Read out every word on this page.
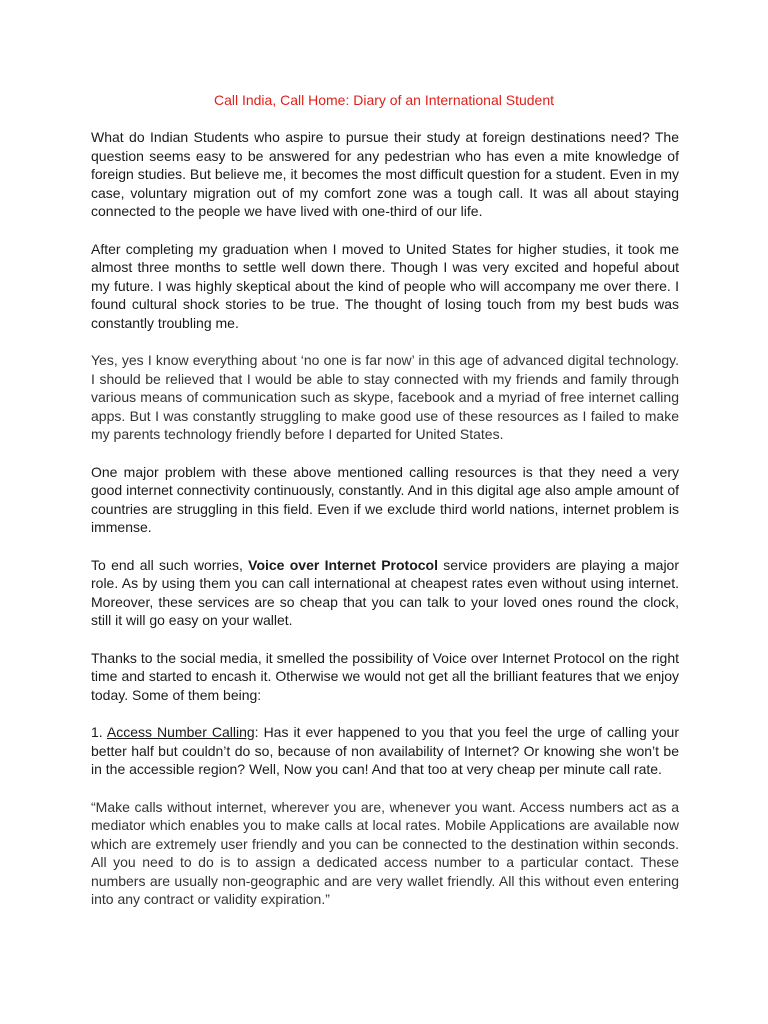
Call India, Call Home: Diary of an International Student

What do Indian Students who aspire to pursue their study at foreign destinations need? The question seems easy to be answered for any pedestrian who has even a mite knowledge of foreign studies. But believe me, it becomes the most difficult question for a student. Even in my case, voluntary migration out of my comfort zone was a tough call. It was all about staying connected to the people we have lived with one-third of our life.

After completing my graduation when I moved to United States for higher studies, it took me almost three months to settle well down there. Though I was very excited and hopeful about my future. I was highly skeptical about the kind of people who will accompany me over there. I found cultural shock stories to be true. The thought of losing touch from my best buds was constantly troubling me.

Yes, yes I know everything about ‘no one is far now’ in this age of advanced digital technology. I should be relieved that I would be able to stay connected with my friends and family through various means of communication such as skype, facebook and a myriad of free internet calling apps. But I was constantly struggling to make good use of these resources as I failed to make my parents technology friendly before I departed for United States.

One major problem with these above mentioned calling resources is that they need a very good internet connectivity continuously, constantly. And in this digital age also ample amount of countries are struggling in this field. Even if we exclude third world nations, internet problem is immense.

To end all such worries, Voice over Internet Protocol service providers are playing a major role. As by using them you can call international at cheapest rates even without using internet. Moreover, these services are so cheap that you can talk to your loved ones round the clock, still it will go easy on your wallet.

Thanks to the social media, it smelled the possibility of Voice over Internet Protocol on the right time and started to encash it. Otherwise we would not get all the brilliant features that we enjoy today. Some of them being:

1. Access Number Calling: Has it ever happened to you that you feel the urge of calling your better half but couldn’t do so, because of non availability of Internet? Or knowing she won’t be in the accessible region? Well, Now you can! And that too at very cheap per minute call rate.

“Make calls without internet, wherever you are, whenever you want. Access numbers act as a mediator which enables you to make calls at local rates. Mobile Applications are available now which are extremely user friendly and you can be connected to the destination within seconds. All you need to do is to assign a dedicated access number to a particular contact. These numbers are usually non-geographic and are very wallet friendly. All this without even entering into any contract or validity expiration.”
